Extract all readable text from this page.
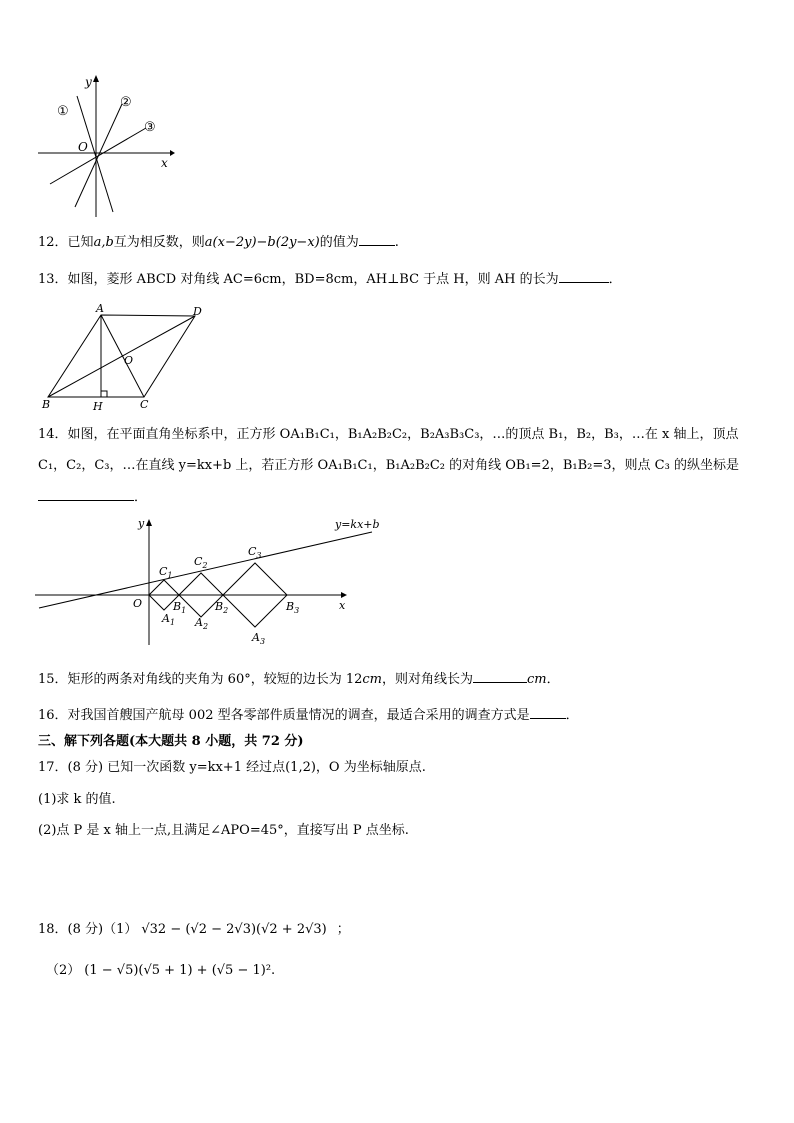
y
x
O
①
②
③
12．已知a,b互为相反数，则a(x−2y)−b(2y−x)的值为	.
13．如图，菱形 ABCD 对角线 AC=6cm，BD=8cm，AH⊥BC 于点 H，则 AH 的长为	．
A	D
O
B	H	C
14．如图，在平面直角坐标系中，正方形 OA₁B₁C₁，B₁A₂B₂C₂，B₂A₃B₃C₃，…的顶点 B₁，B₂，B₃，…在 x 轴上，顶点
C₁，C₂，C₃，…在直线 y=kx+b 上，若正方形 OA₁B₁C₁，B₁A₂B₂C₂ 的对角线 OB₁=2，B₁B₂=3，则点 C₃ 的纵坐标是
．
y=kx+b
y
x
O
$C_1$
$C_2$
$C_3$
$B_1$	$B_2$	$B_3$
$A_1$ $A_2$
$A_3$
15．矩形的两条对角线的夹角为 60°，较短的边长为 12cm，则对角线长为	cm．
16．对我国首艘国产航母 002 型各零部件质量情况的调查，最适合采用的调查方式是	．
三、解下列各题(本大题共 8 小题，共 72 分)
17．(8 分) 已知一次函数 y=kx+1 经过点(1,2)，O 为坐标轴原点.
(1)求 k 的值.
(2)点 P 是 x 轴上一点,且满足∠APO=45°，直接写出 P 点坐标.
18．(8 分)（1） √32 − (√2 − 2√3)(√2 + 2√3) ；
（2） (1 − √5)(√5 + 1) + (√5 − 1)².
